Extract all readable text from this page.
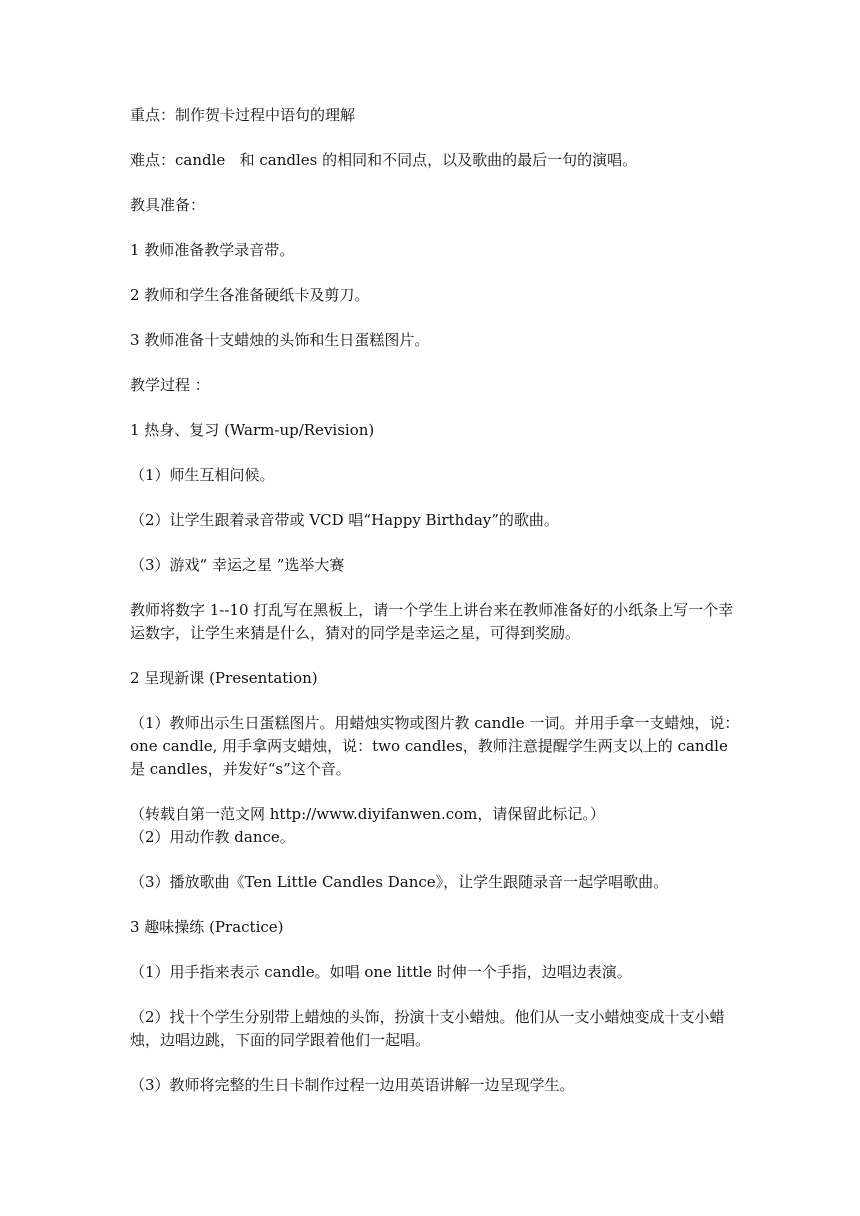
重点：制作贺卡过程中语句的理解

难点：candle   和 candles 的相同和不同点，以及歌曲的最后一句的演唱。

教具准备：

1 教师准备教学录音带。

2 教师和学生各准备硬纸卡及剪刀。

3 教师准备十支蜡烛的头饰和生日蛋糕图片。

教学过程 ：

1 热身、复习 (Warm-up/Revision)

（1）师生互相问候。

（2）让学生跟着录音带或 VCD 唱“Happy Birthday”的歌曲。

（3）游戏“ 幸运之星 ”选举大赛

教师将数字 1--10 打乱写在黑板上，请一个学生上讲台来在教师准备好的小纸条上写一个幸运数字，让学生来猜是什么，猜对的同学是幸运之星，可得到奖励。

2 呈现新课 (Presentation)

（1）教师出示生日蛋糕图片。用蜡烛实物或图片教 candle 一词。并用手拿一支蜡烛，说：one candle, 用手拿两支蜡烛，说：two candles，教师注意提醒学生两支以上的 candle 是 candles，并发好“s”这个音。

（转载自第一范文网 http://www.diyifanwen.com，请保留此标记。）

（2）用动作教 dance。

（3）播放歌曲《Ten Little Candles Dance》，让学生跟随录音一起学唱歌曲。

3 趣味操练 (Practice)

（1）用手指来表示 candle。如唱 one little 时伸一个手指，边唱边表演。

（2）找十个学生分别带上蜡烛的头饰，扮演十支小蜡烛。他们从一支小蜡烛变成十支小蜡烛，边唱边跳，下面的同学跟着他们一起唱。

（3）教师将完整的生日卡制作过程一边用英语讲解一边呈现学生。
